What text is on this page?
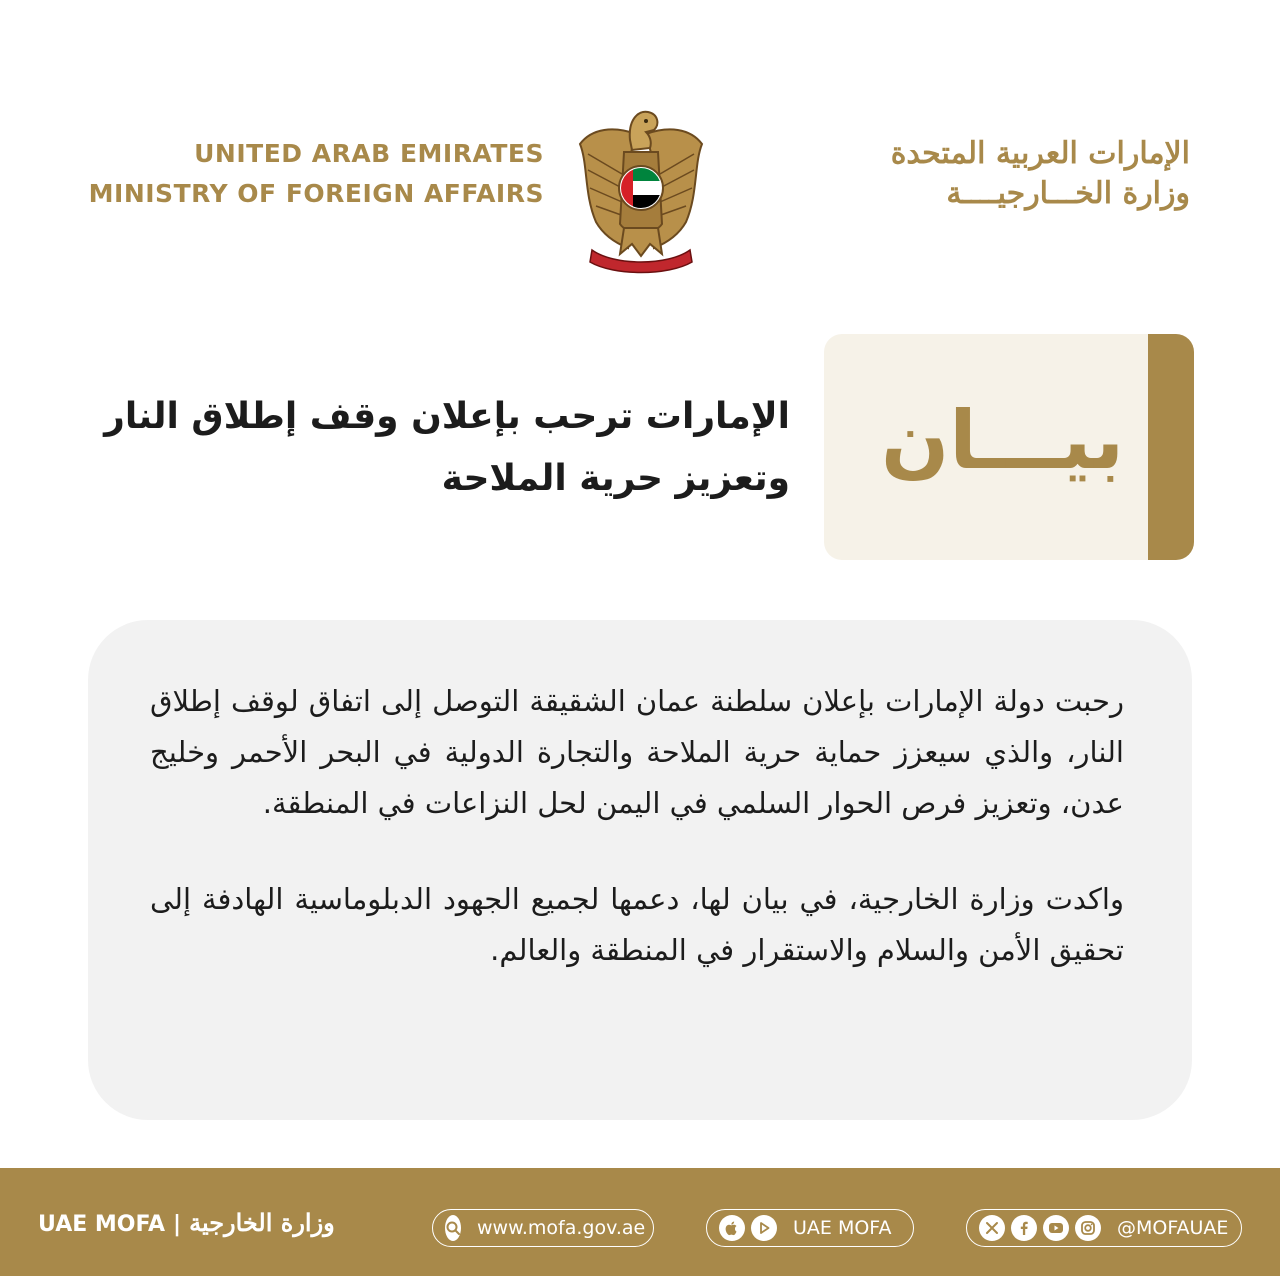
UNITED ARAB EMIRATES
MINISTRY OF FOREIGN AFFAIRS
الإمارات العربية المتحدة
وزارة الخـــارجيــــة
بيـــان
الإمارات ترحب بإعلان وقف إطلاق النار
وتعزيز حرية الملاحة

رحبت دولة الإمارات بإعلان سلطنة عمان الشقيقة التوصل إلى اتفاق لوقف إطلاق النار، والذي سيعزز حماية حرية الملاحة والتجارة الدولية في البحر الأحمر وخليج عدن، وتعزيز فرص الحوار السلمي في اليمن لحل النزاعات في المنطقة.

واكدت وزارة الخارجية، في بيان لها، دعمها لجميع الجهود الدبلوماسية الهادفة إلى تحقيق الأمن والسلام والاستقرار في المنطقة والعالم.

UAE MOFA | وزارة الخارجية	www.mofa.gov.ae	UAE MOFA	@MOFAUAE
